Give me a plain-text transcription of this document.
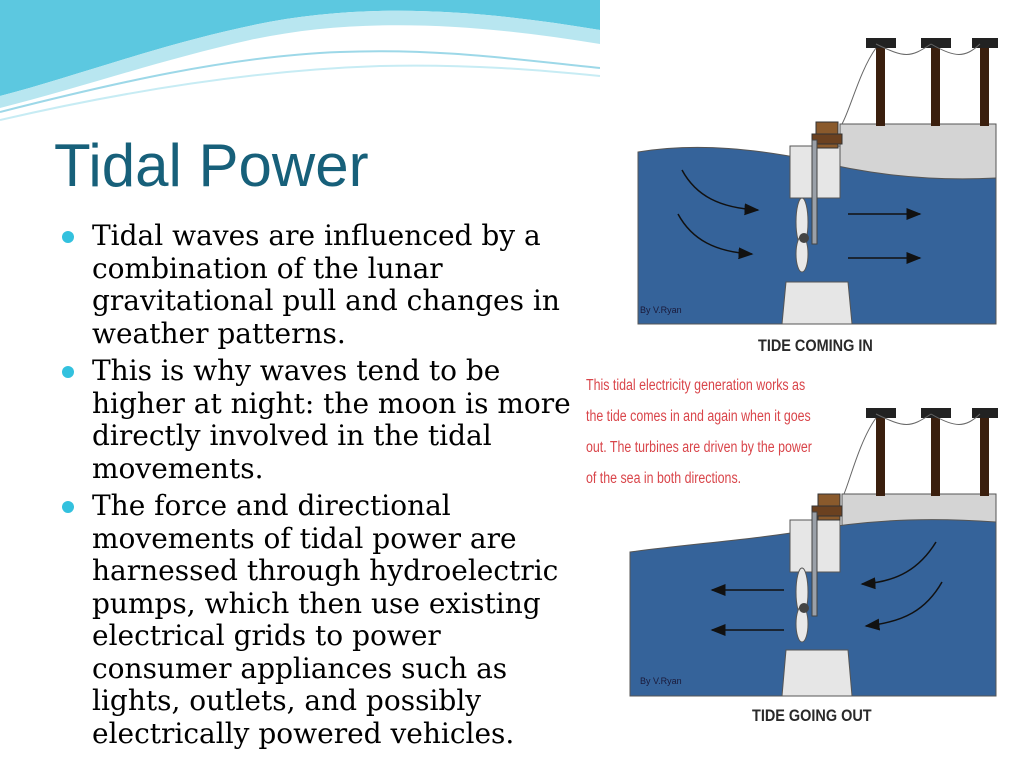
Tidal Power
Tidal waves are influenced by a combination of the lunar gravitational pull and changes in weather patterns.
This is why waves tend to be higher at night: the moon is more directly involved in the tidal movements.
The force and directional movements of tidal power are harnessed through hydroelectric pumps, which then use existing electrical grids to power consumer appliances such as lights, outlets, and possibly electrically powered vehicles.
By V.Ryan
TIDE COMING IN
This tidal electricity generation works as
the tide comes in and again when it goes
out. The turbines are driven by the power
of the sea in both directions.
By V.Ryan
TIDE GOING OUT
